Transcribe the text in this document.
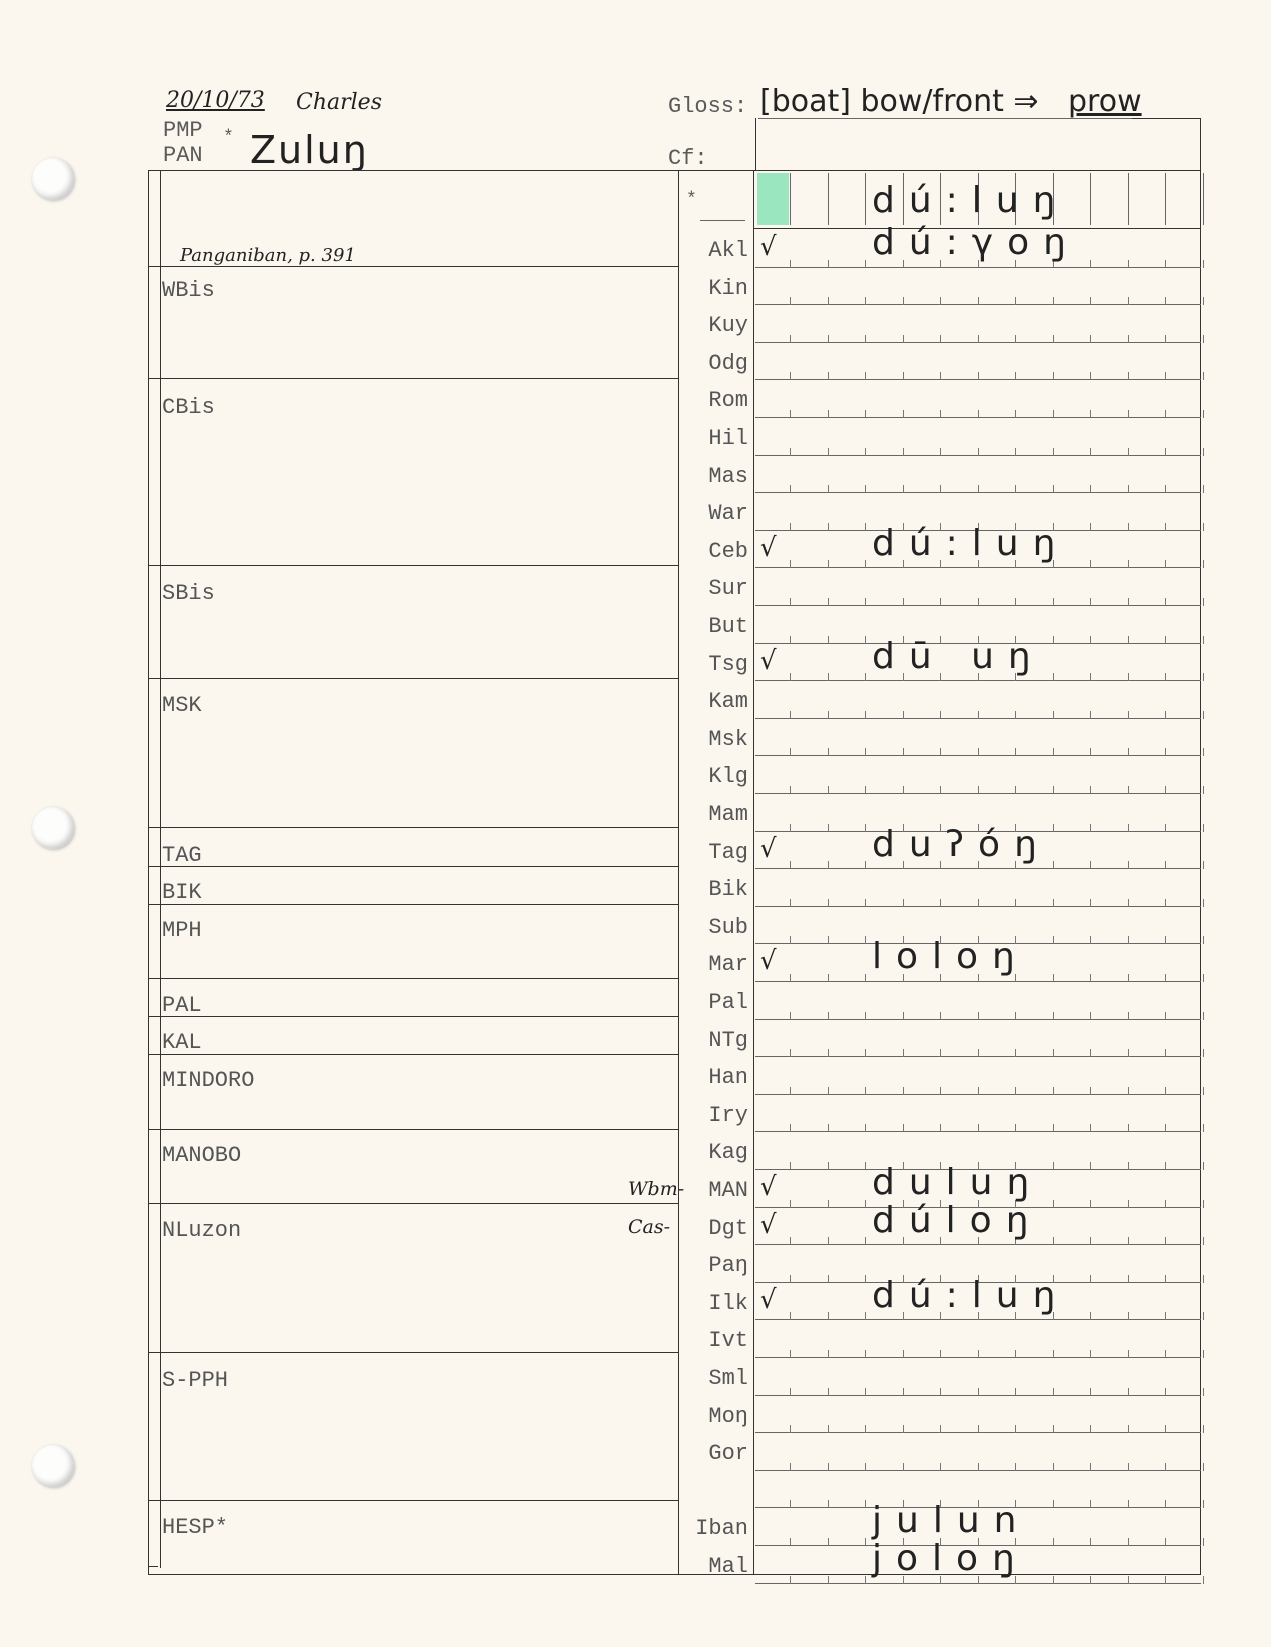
20/10/73 Charles
PMP
PAN
* Zuluŋ
Gloss: [boat] bow/front ⇒ prow
Cf:
*	dú:luŋ
Panganiban, p. 391
WBis
CBis
SBis
MSK
TAG
BIK
MPH
PAL
KAL
MINDORO
MANOBO
NLuzon
S-PPH
HESP*
Akl √	dú:γoŋ
Kin
Kuy
Odg
Rom
Hil
Mas
War
Ceb √	dú:luŋ
Sur
But
Tsg √	dū uŋ
Kam
Msk
Klg
Mam
Tag √	duʔóŋ
Bik
Sub
Mar √	loloŋ
Pal
NTg
Han
Iry
Kag
MAN √	duluŋ
Wbm-
Dgt √	dúloŋ
Cas-
Paŋ
Ilk √	dú:luŋ
Ivt
Sml
Moŋ
Gor
Iban	julun
Mal	joloŋ
